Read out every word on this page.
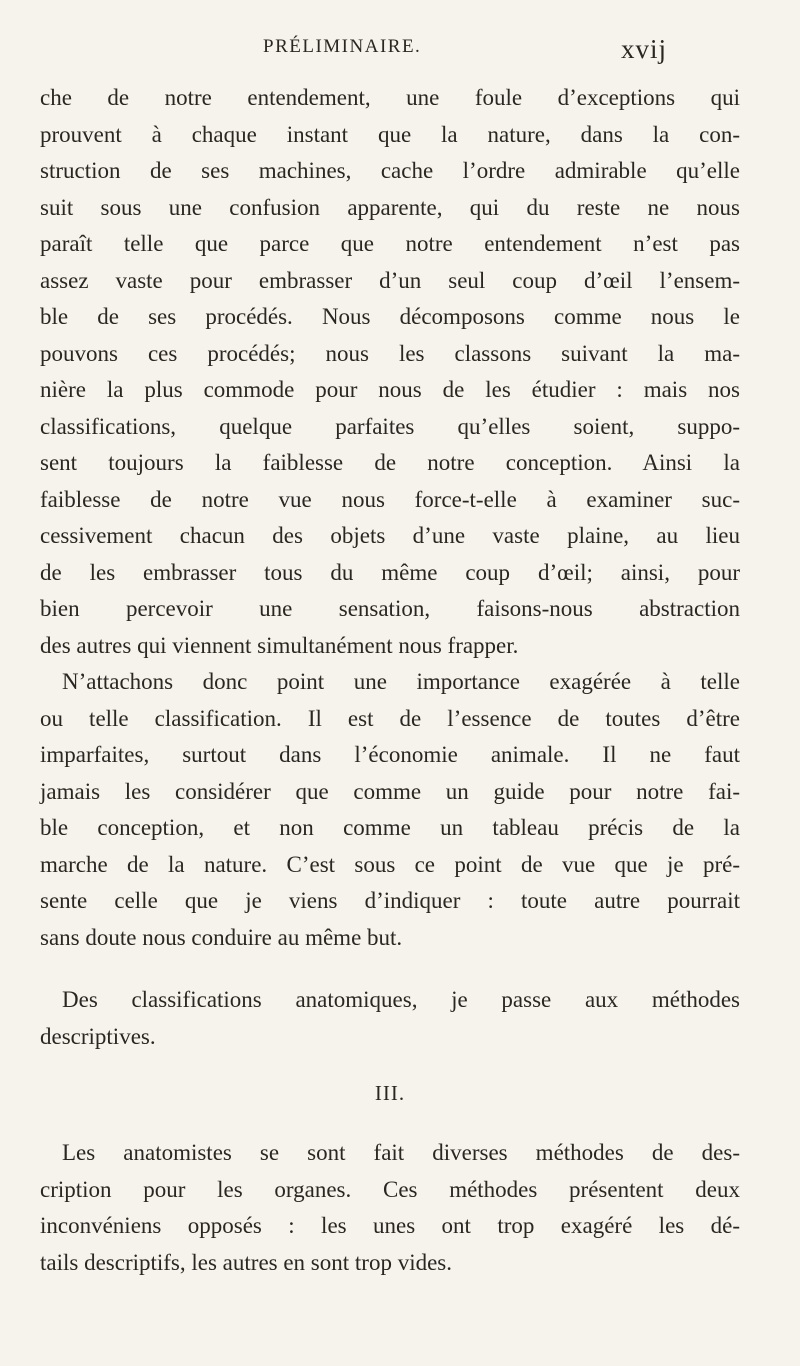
PRÉLIMINAIRE.	xvij
che de notre entendement, une foule d’exceptions qui
prouvent à chaque instant que la nature, dans la con-
struction de ses machines, cache l’ordre admirable qu’elle
suit sous une confusion apparente, qui du reste ne nous
paraît telle que parce que notre entendement n’est pas
assez vaste pour embrasser d’un seul coup d’œil l’ensem-
ble de ses procédés. Nous décomposons comme nous le
pouvons ces procédés; nous les classons suivant la ma-
nière la plus commode pour nous de les étudier : mais nos
classifications, quelque parfaites qu’elles soient, suppo-
sent toujours la faiblesse de notre conception. Ainsi la
faiblesse de notre vue nous force-t-elle à examiner suc-
cessivement chacun des objets d’une vaste plaine, au lieu
de les embrasser tous du même coup d’œil; ainsi, pour
bien percevoir une sensation, faisons-nous abstraction
des autres qui viennent simultanément nous frapper.
N’attachons donc point une importance exagérée à telle
ou telle classification. Il est de l’essence de toutes d’être
imparfaites, surtout dans l’économie animale. Il ne faut
jamais les considérer que comme un guide pour notre fai-
ble conception, et non comme un tableau précis de la
marche de la nature. C’est sous ce point de vue que je pré-
sente celle que je viens d’indiquer : toute autre pourrait
sans doute nous conduire au même but.
Des classifications anatomiques, je passe aux méthodes
descriptives.
III.
Les anatomistes se sont fait diverses méthodes de des-
cription pour les organes. Ces méthodes présentent deux
inconvéniens opposés : les unes ont trop exagéré les dé-
tails descriptifs, les autres en sont trop vides.
